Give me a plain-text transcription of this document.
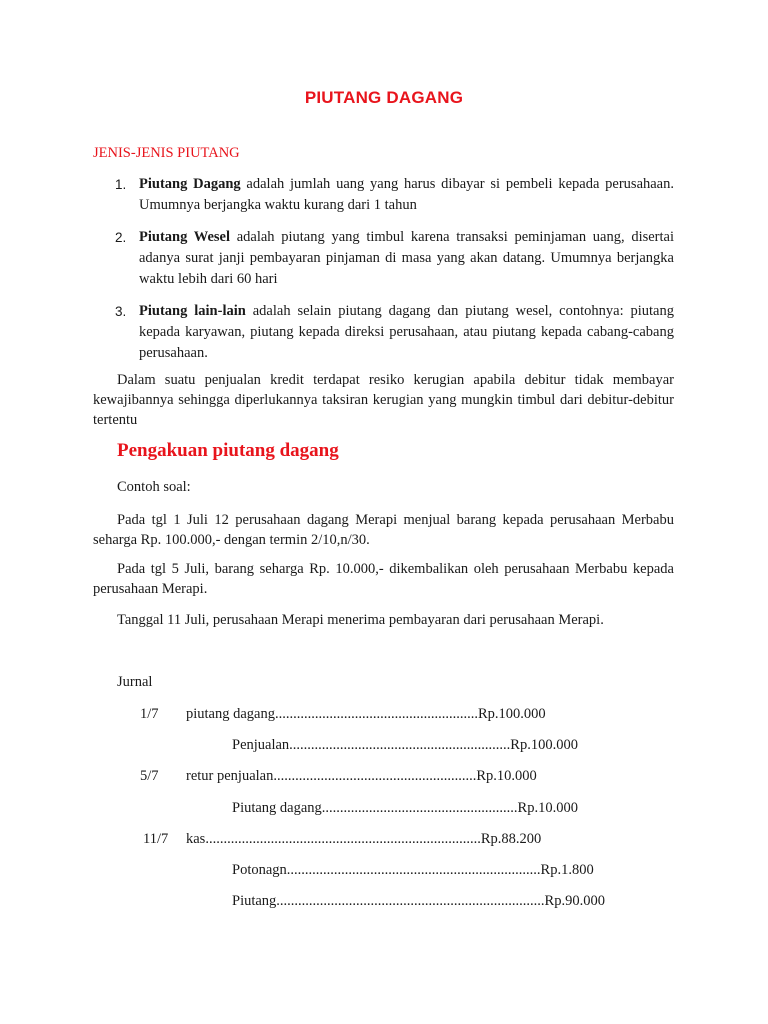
PIUTANG DAGANG
JENIS-JENIS PIUTANG
1. Piutang Dagang adalah jumlah uang yang harus dibayar si pembeli kepada perusahaan. Umumnya berjangka waktu kurang dari 1 tahun
2. Piutang Wesel adalah piutang yang timbul karena transaksi peminjaman uang, disertai adanya surat janji pembayaran pinjaman di masa yang akan datang. Umumnya berjangka waktu lebih dari 60 hari
3. Piutang lain-lain adalah selain piutang dagang dan piutang wesel, contohnya: piutang kepada karyawan, piutang kepada direksi perusahaan, atau piutang kepada cabang-cabang perusahaan.

Dalam suatu penjualan kredit terdapat resiko kerugian apabila debitur tidak membayar kewajibannya sehingga diperlukannya taksiran kerugian yang mungkin timbul dari debitur-debitur tertentu

Pengakuan piutang dagang
Contoh soal:

Pada tgl 1 Juli 12 perusahaan dagang Merapi menjual barang kepada perusahaan Merbabu seharga Rp. 100.000,- dengan termin 2/10,n/30.

Pada tgl 5 Juli, barang seharga Rp. 10.000,- dikembalikan oleh perusahaan Merbabu kepada perusahaan Merapi.

Tanggal 11 Juli, perusahaan Merapi menerima pembayaran dari perusahaan Merapi.

Jurnal
1/7 piutang dagang........................................................Rp.100.000
Penjualan.............................................................Rp.100.000
5/7 retur penjualan........................................................Rp.10.000
Piutang dagang......................................................Rp.10.000
11/7 kas............................................................................Rp.88.200
Potonagn......................................................................Rp.1.800
Piutang..........................................................................Rp.90.000
